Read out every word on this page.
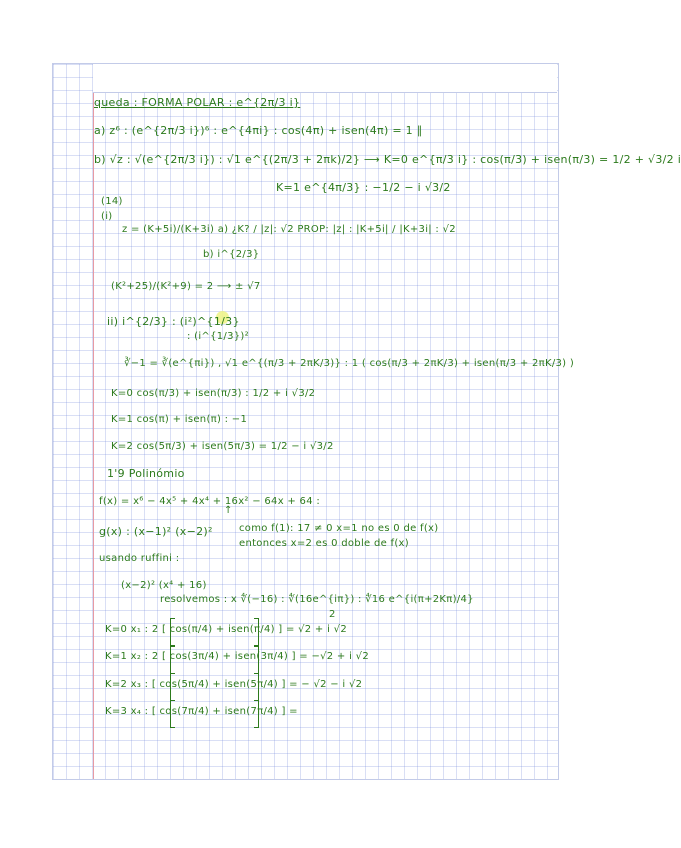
↑
queda : FORMA POLAR : e^{2π/3 i}
a) z⁶ : (e^{2π/3 i})⁶ : e^{4πi} : cos(4π) + isen(4π) = 1 ∥
b) √z : √(e^{2π/3 i}) : √1 e^{(2π/3 + 2πk)/2} ⟶ K=0 e^{π/3 i} : cos(π/3) + isen(π/3) = 1/2 + √3/2 i
K=1 e^{4π/3} : −1/2 − i √3/2
(14)
(i)
z = (K+5i)/(K+3i) a) ¿K? / |z|: √2 PROP: |z| : |K+5i| / |K+3i| : √2
b) i^{2/3}
(K²+25)/(K²+9) = 2 ⟶ ± √7
ii) i^{2/3} : (i²)^{1/3}
: (i^{1/3})²
∛−1 = ∛(e^{πi}) , √1 e^{(π/3 + 2πK/3)} : 1 ( cos(π/3 + 2πK/3) + isen(π/3 + 2πK/3) )
K=0 cos(π/3) + isen(π/3) : 1/2 + i √3/2
K=1 cos(π) + isen(π) : −1
K=2 cos(5π/3) + isen(5π/3) = 1/2 − i √3/2
1'9 Polinómio
f(x) = x⁶ − 4x⁵ + 4x⁴ + 16x² − 64x + 64 :
g(x) : (x−1)² (x−2)²	como f(1): 17 ≠ 0 x=1 no es 0 de f(x)
entonces x=2 es 0 doble de f(x)
usando ruffini :
(x−2)² (x⁴ + 16)
resolvemos : x ∜(−16) : ∜(16e^{iπ}) : ∜16 e^{i(π+2Kπ)/4}
2
K=0 x₁ : 2 [ cos(π/4) + isen(π/4) ] = √2 + i √2
K=1 x₂ : 2 [ cos(3π/4) + isen(3π/4) ] = −√2 + i √2
K=2 x₃ : [ cos(5π/4) + isen(5π/4) ] = − √2 − i √2
K=3 x₄ : [ cos(7π/4) + isen(7π/4) ] =
